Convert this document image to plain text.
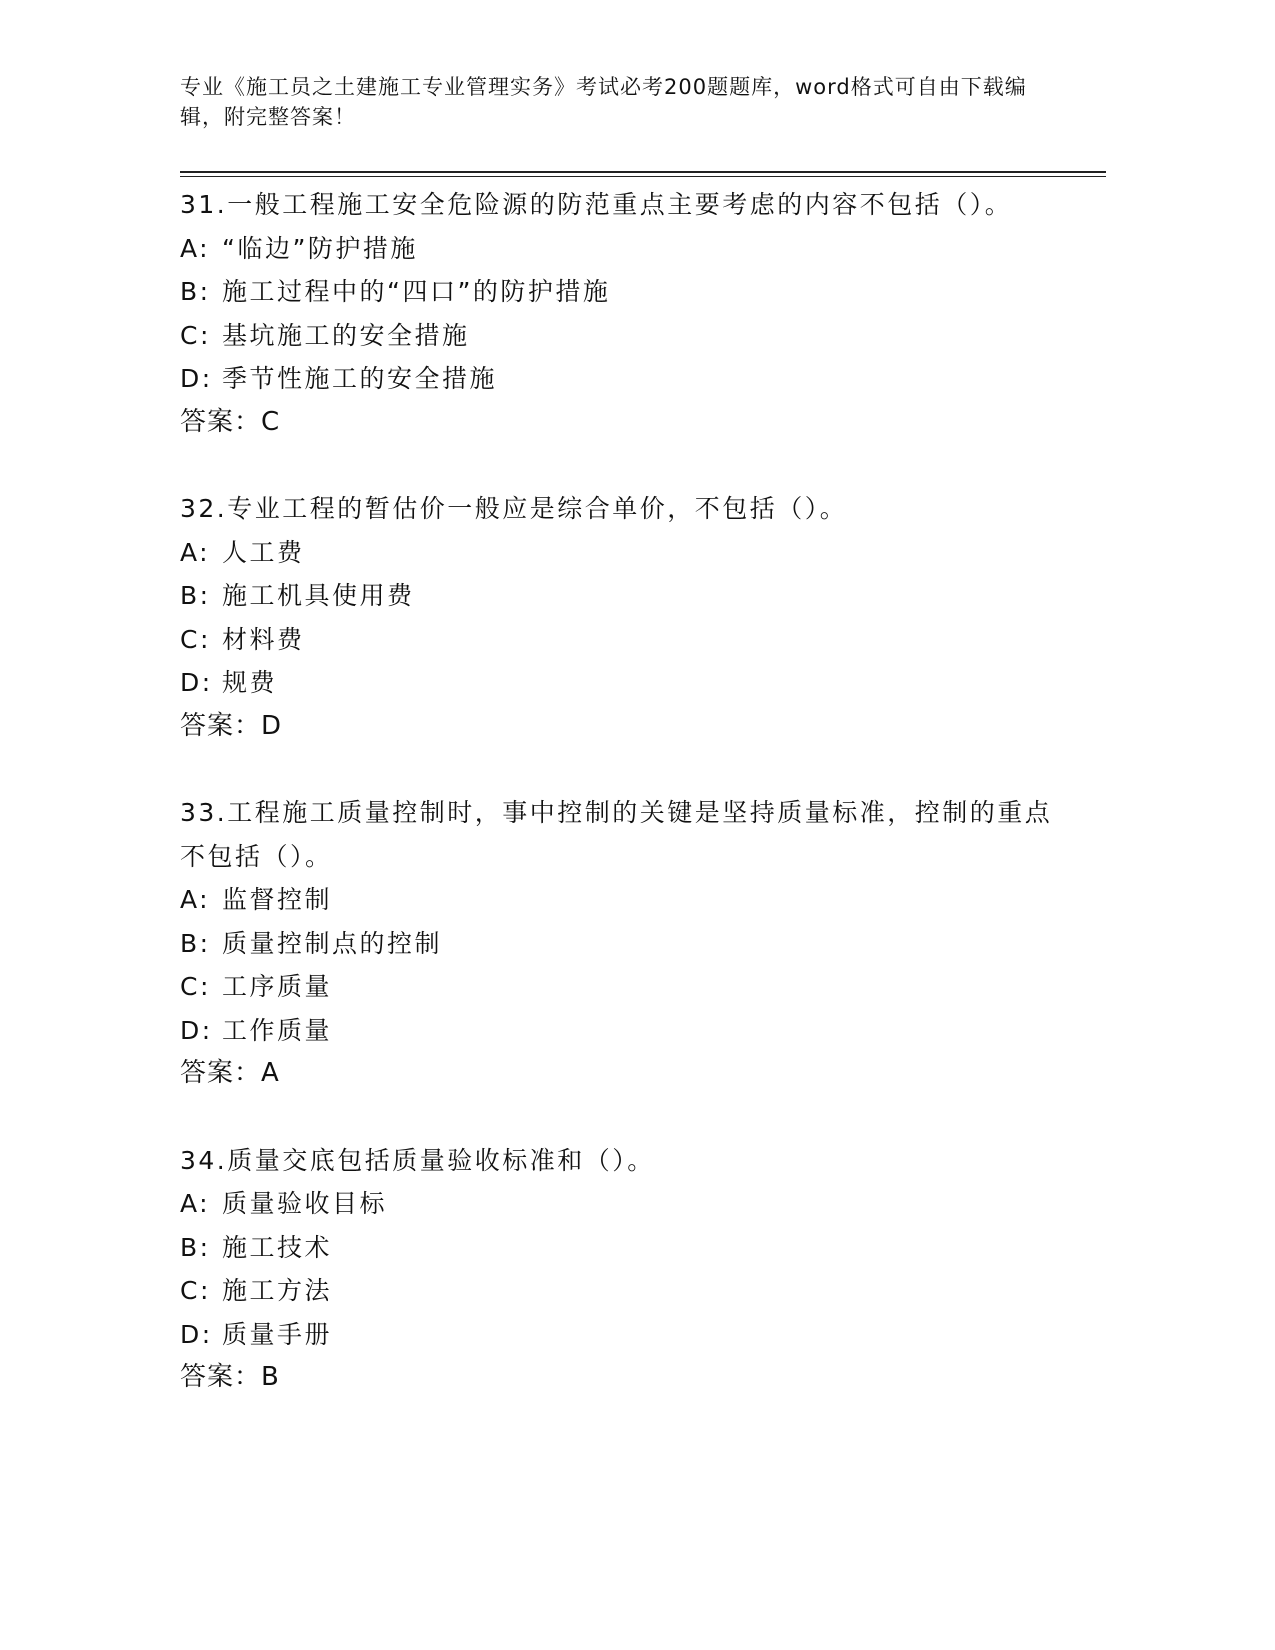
专业《施工员之土建施工专业管理实务》考试必考200题题库，word格式可自由下载编辑，附完整答案！

31.一般工程施工安全危险源的防范重点主要考虑的内容不包括（）。

A: “临边”防护措施

B: 施工过程中的“四口”的防护措施

C: 基坑施工的安全措施

D: 季节性施工的安全措施

答案：C

32.专业工程的暂估价一般应是综合单价，不包括（）。

A: 人工费

B: 施工机具使用费

C: 材料费

D: 规费

答案：D

33.工程施工质量控制时，事中控制的关键是坚持质量标准，控制的重点不包括（）。

A: 监督控制

B: 质量控制点的控制

C: 工序质量

D: 工作质量

答案：A

34.质量交底包括质量验收标准和（）。

A: 质量验收目标

B: 施工技术

C: 施工方法

D: 质量手册

答案：B
